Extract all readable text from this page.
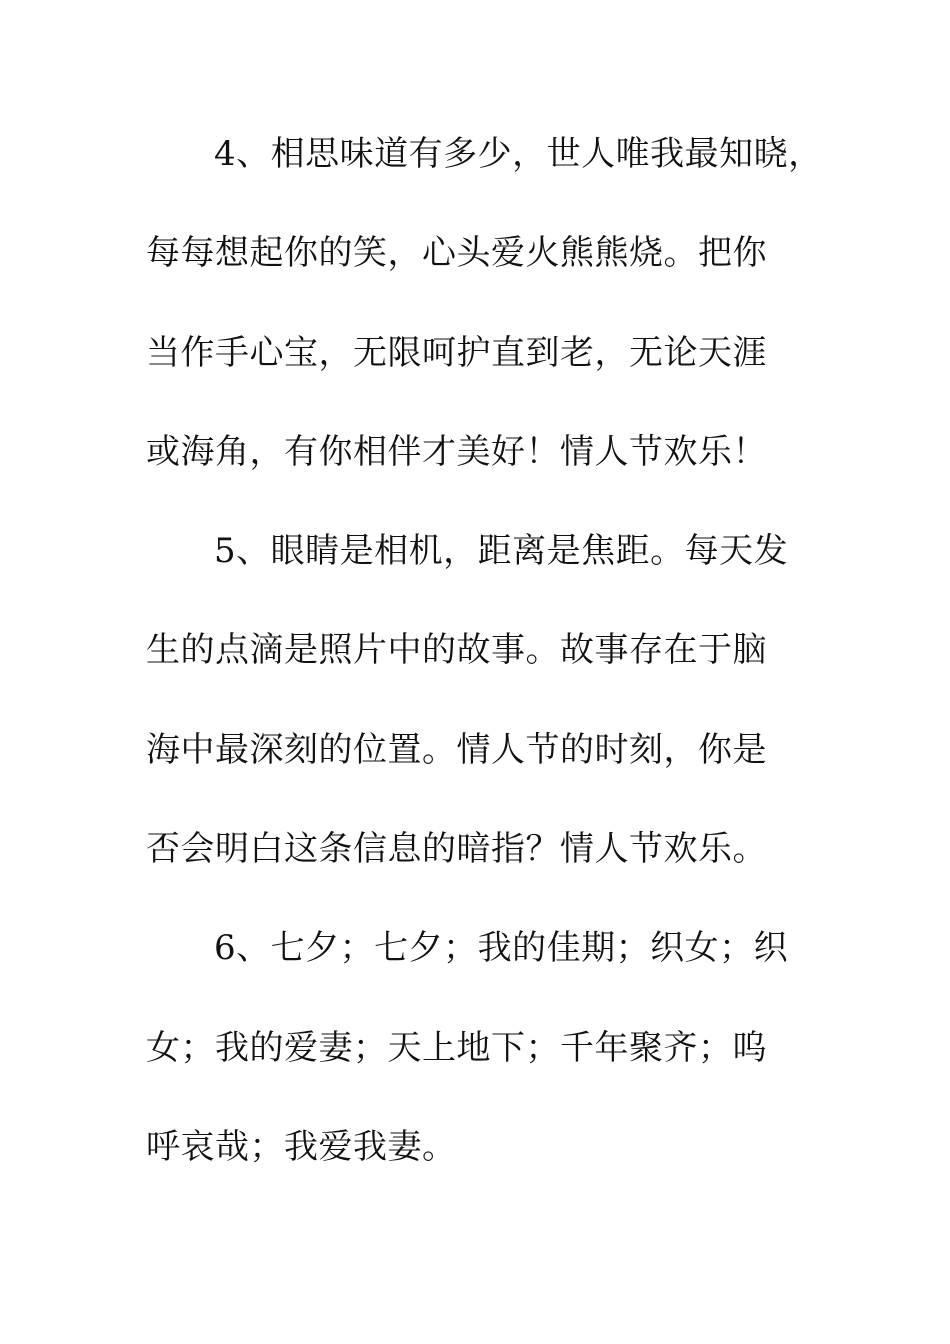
4、相思味道有多少，世人唯我最知晓，
每每想起你的笑，心头爱火熊熊烧。把你
当作手心宝，无限呵护直到老，无论天涯
或海角，有你相伴才美好！情人节欢乐！
5、眼睛是相机，距离是焦距。每天发
生的点滴是照片中的故事。故事存在于脑
海中最深刻的位置。情人节的时刻，你是
否会明白这条信息的暗指？情人节欢乐。
6、七夕；七夕；我的佳期；织女；织
女；我的爱妻；天上地下；千年聚齐；呜
呼哀哉；我爱我妻。
